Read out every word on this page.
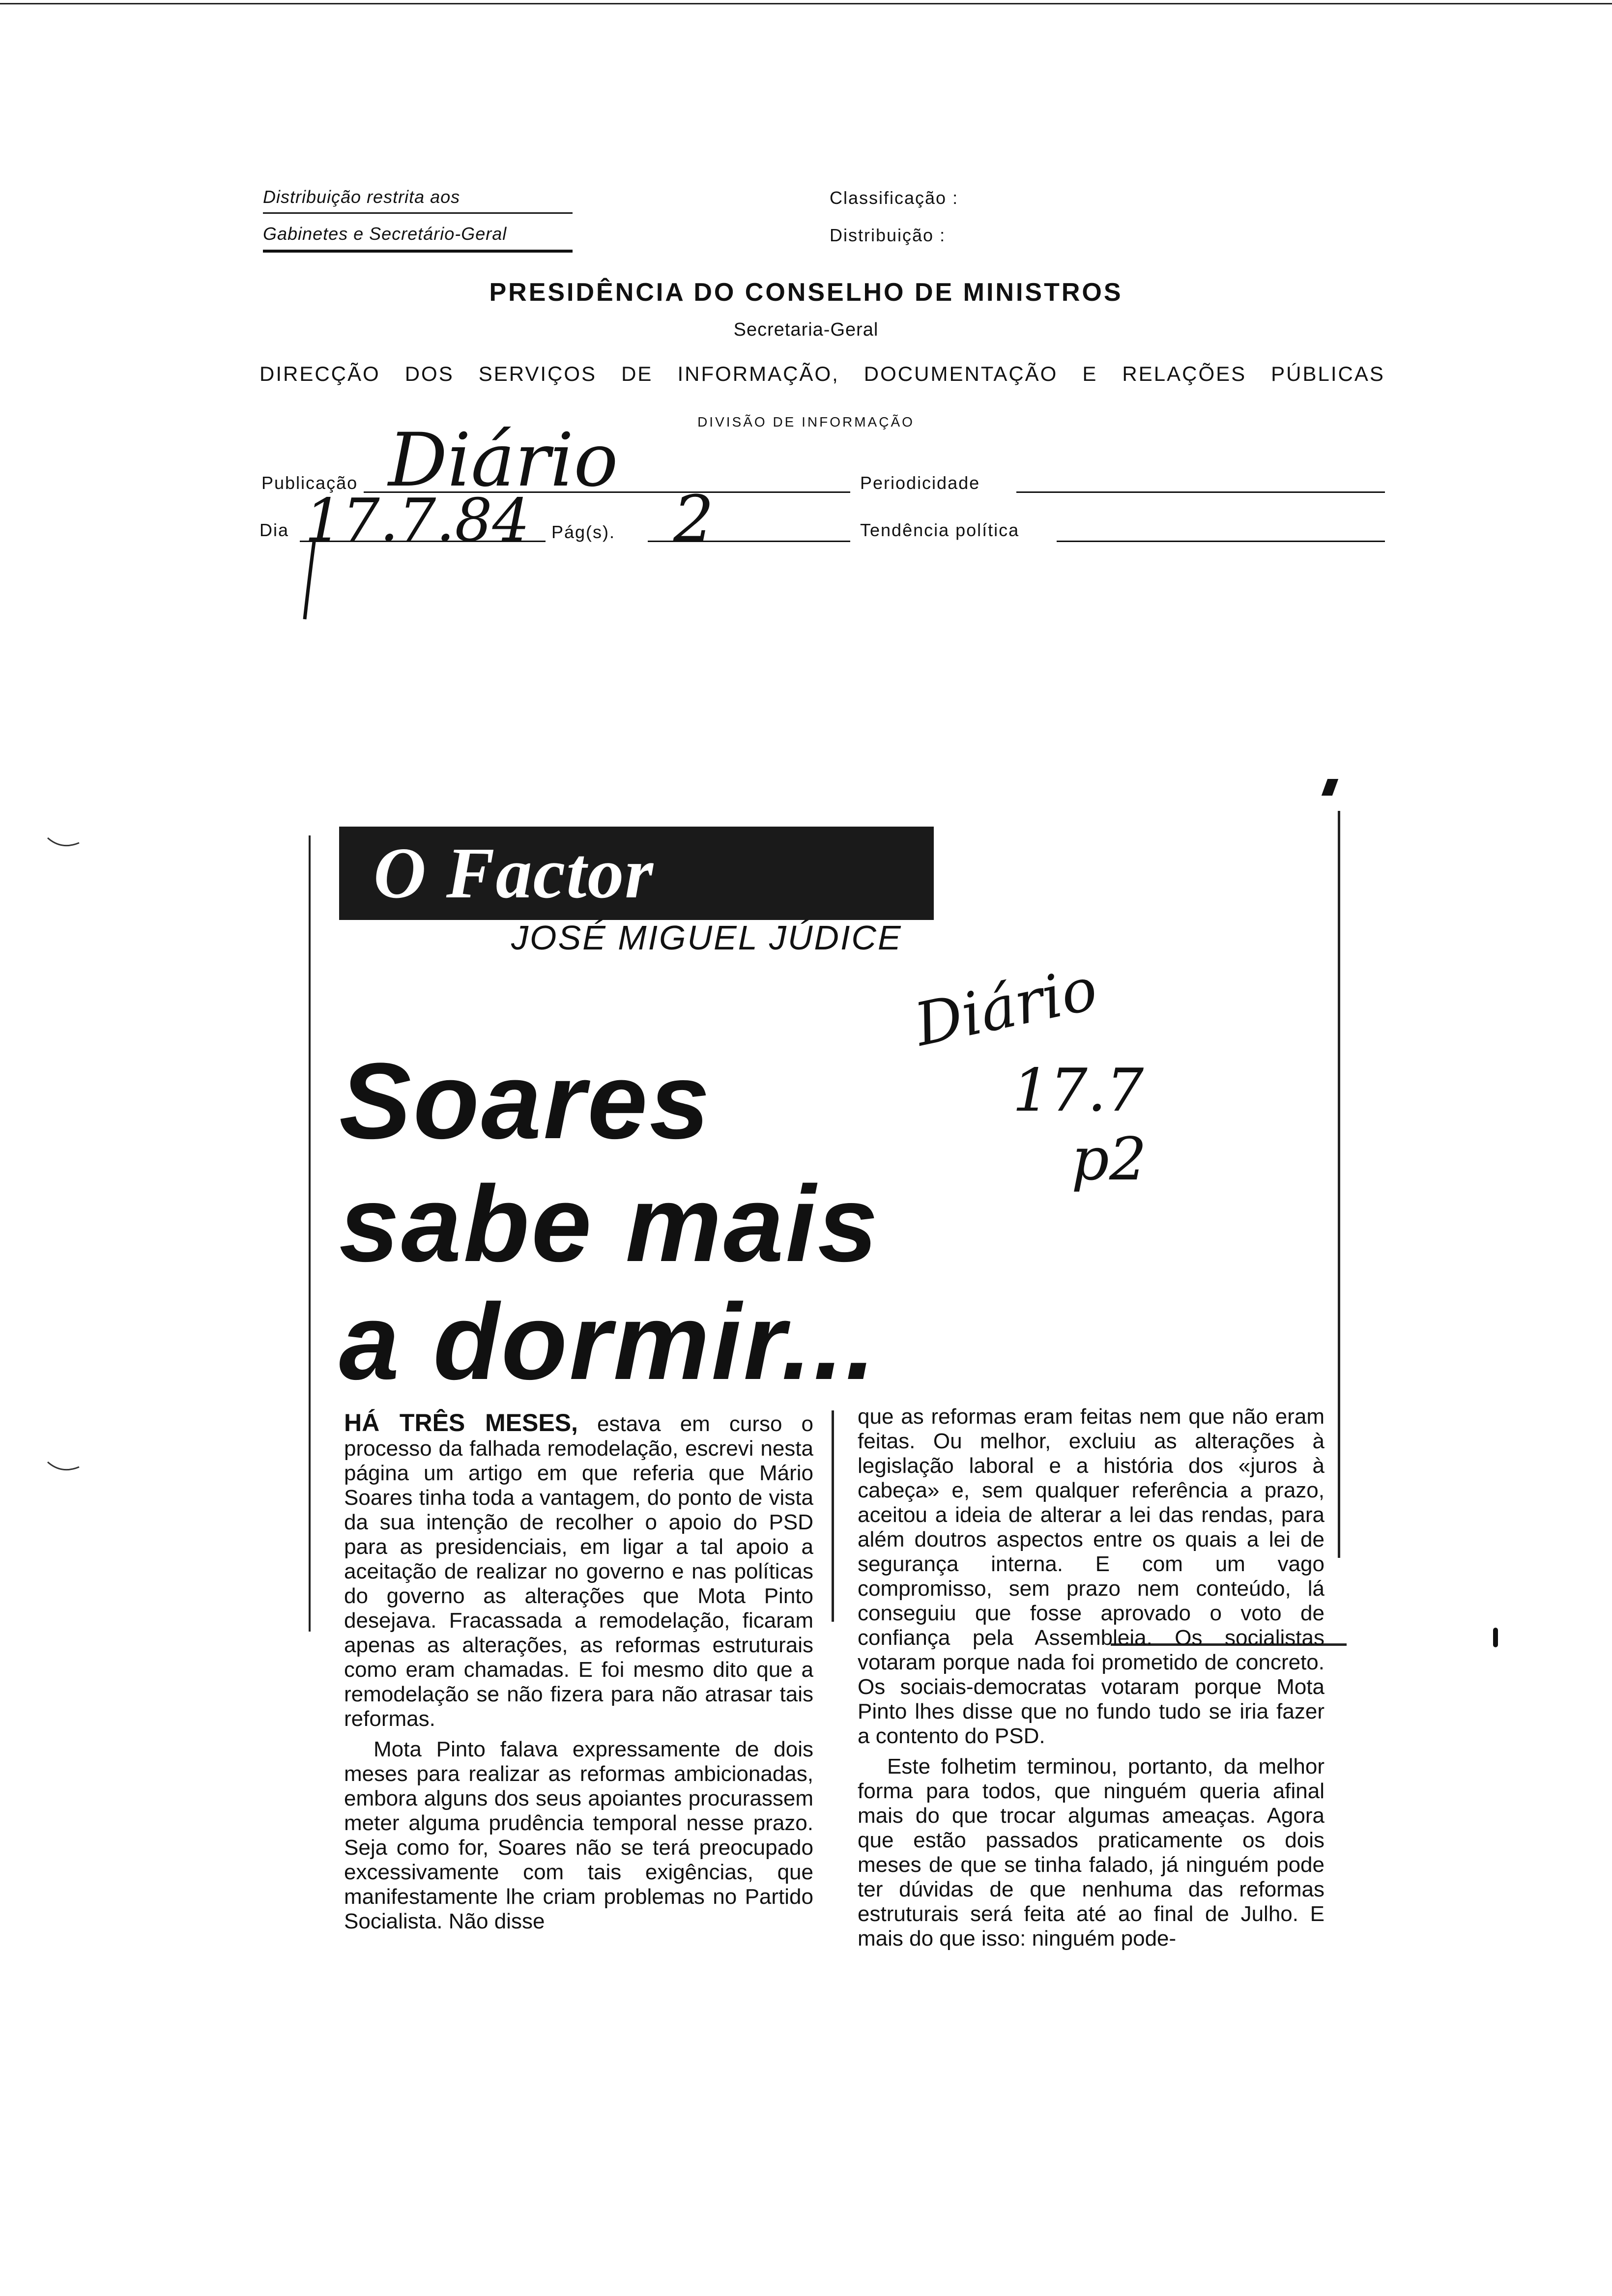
Distribuição restrita aos
Gabinetes e Secretário-Geral
Classificação :
Distribuição :
PRESIDÊNCIA DO CONSELHO DE MINISTROS
Secretaria-Geral
DIRECÇÃO DOS SERVIÇOS DE INFORMAÇÃO, DOCUMENTAÇÃO E RELAÇÕES PÚBLICAS
DIVISÃO DE INFORMAÇÃO
Publicação Diário	Periodicidade
Dia 17.7.84 Pág(s). 2	Tendência política
O Factor Humano
JOSÉ MIGUEL JÚDICE
Soares
sabe mais
a dormir...
Diário
17.7
p2

HÁ TRÊS MESES, estava em curso o processo da falhada remodelação, escrevi nesta página um artigo em que referia que Mário Soares tinha toda a vantagem, do ponto de vista da sua intenção de recolher o apoio do PSD para as presidenciais, em ligar a tal apoio a aceitação de realizar no governo e nas políticas do governo as alterações que Mota Pinto desejava. Fracassada a remodelação, ficaram apenas as alterações, as reformas estruturais como eram chamadas. E foi mesmo dito que a remodelação se não fizera para não atrasar tais reformas.

Mota Pinto falava expressamente de dois meses para realizar as reformas ambicionadas, embora alguns dos seus apoiantes procurassem meter alguma prudência temporal nesse prazo. Seja como for, Soares não se terá preocupado excessivamente com tais exigências, que manifestamente lhe criam problemas no Partido Socialista. Não disse

que as reformas eram feitas nem que não eram feitas. Ou melhor, excluiu as alterações à legislação laboral e a história dos «juros à cabeça» e, sem qualquer referência a prazo, aceitou a ideia de alterar a lei das rendas, para além doutros aspectos entre os quais a lei de segurança interna. E com um vago compromisso, sem prazo nem conteúdo, lá conseguiu que fosse aprovado o voto de confiança pela Assembleia. Os socialistas votaram porque nada foi prometido de concreto. Os sociais-democratas votaram porque Mota Pinto lhes disse que no fundo tudo se iria fazer a contento do PSD.

Este folhetim terminou, portanto, da melhor forma para todos, que ninguém queria afinal mais do que trocar algumas ameaças. Agora que estão passados praticamente os dois meses de que se tinha falado, já ninguém pode ter dúvidas de que nenhuma das reformas estruturais será feita até ao final de Julho. E mais do que isso: ninguém pode-
